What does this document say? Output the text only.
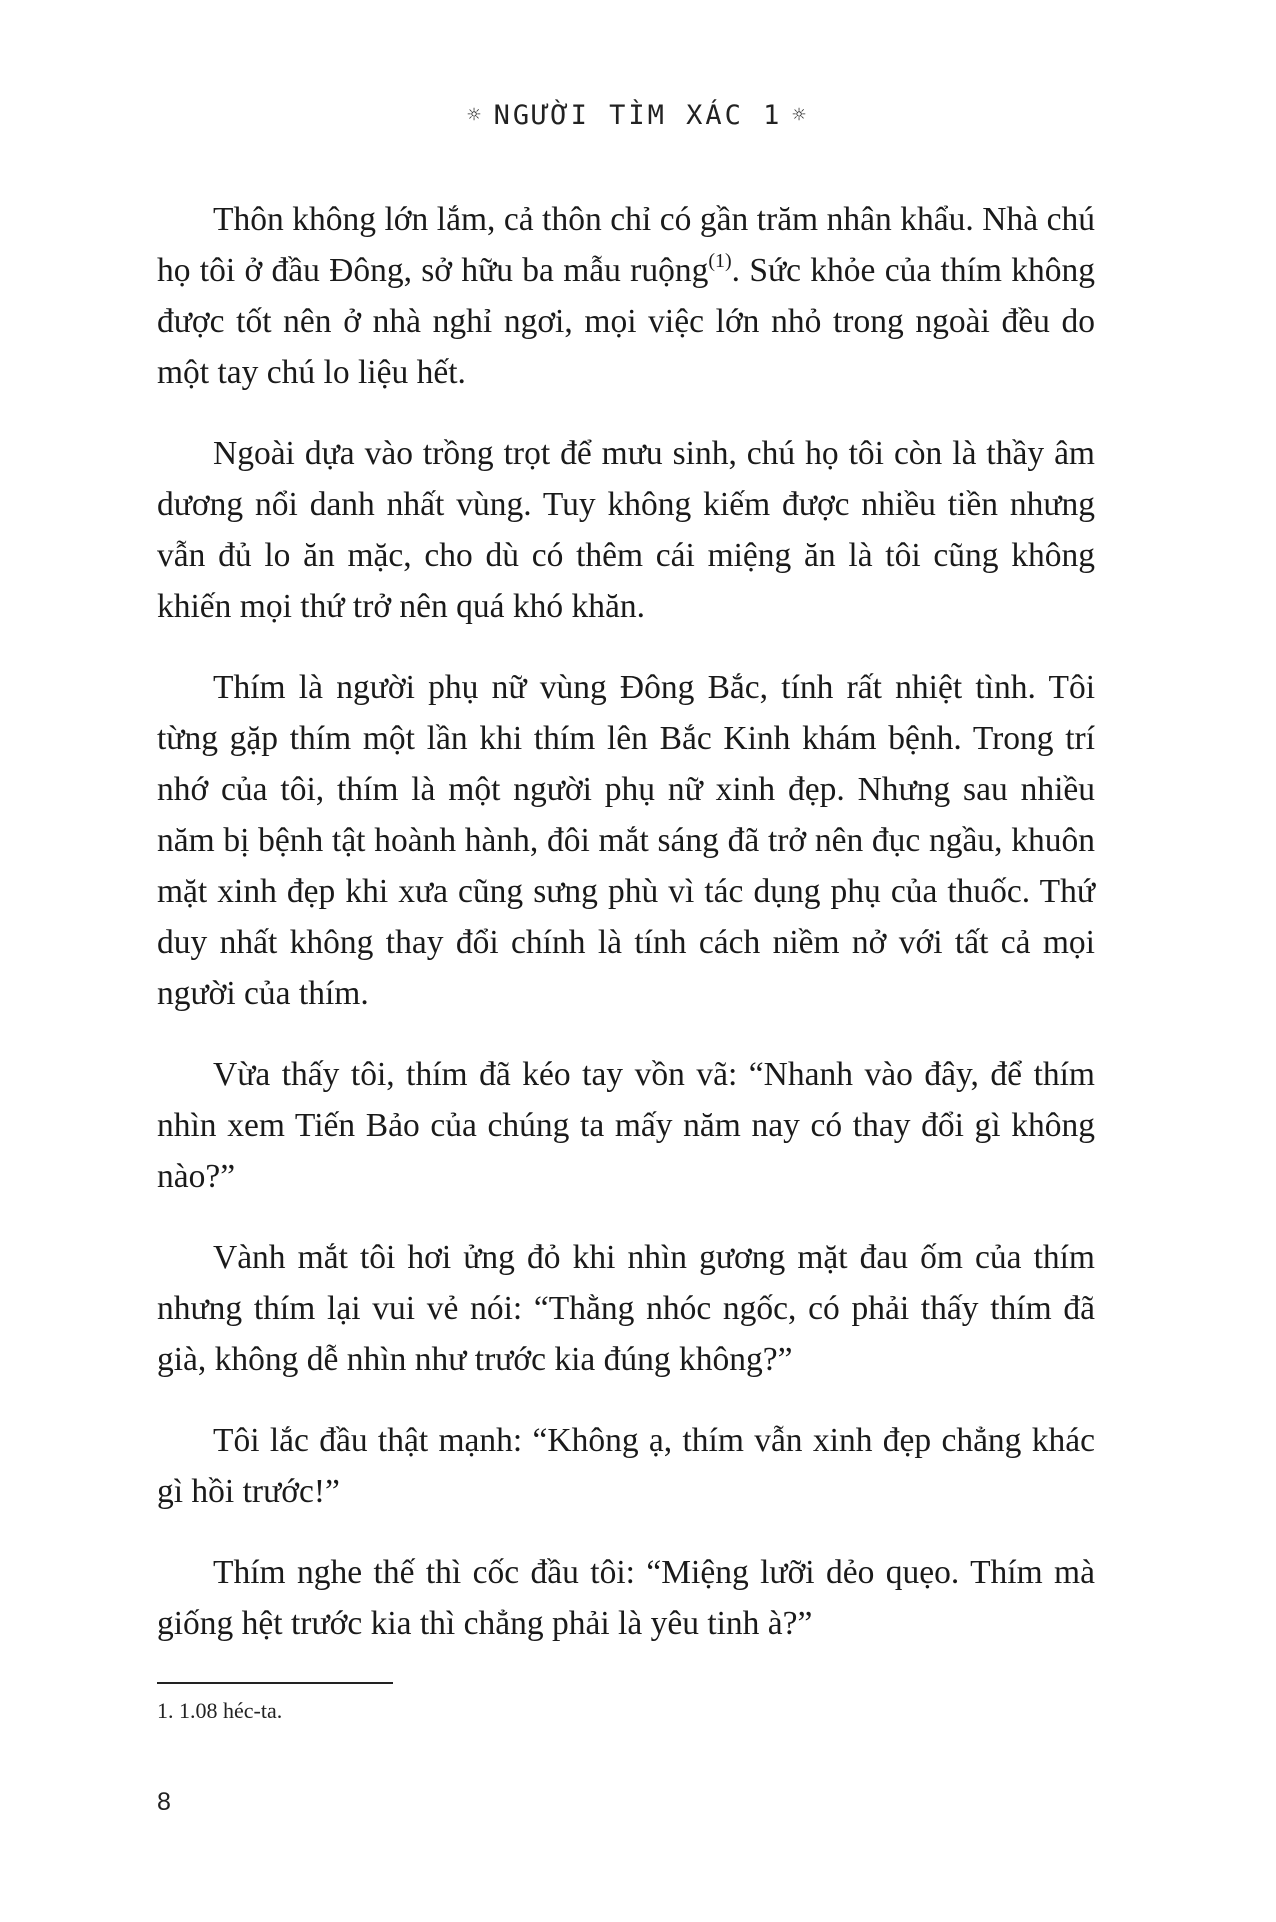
☼ NGƯỜI TÌM XÁC 1 ☼

Thôn không lớn lắm, cả thôn chỉ có gần trăm nhân khẩu. Nhà chú họ tôi ở đầu Đông, sở hữu ba mẫu ruộng$^{(1)}$. Sức khỏe của thím không được tốt nên ở nhà nghỉ ngơi, mọi việc lớn nhỏ trong ngoài đều do một tay chú lo liệu hết.

Ngoài dựa vào trồng trọt để mưu sinh, chú họ tôi còn là thầy âm dương nổi danh nhất vùng. Tuy không kiếm được nhiều tiền nhưng vẫn đủ lo ăn mặc, cho dù có thêm cái miệng ăn là tôi cũng không khiến mọi thứ trở nên quá khó khăn.

Thím là người phụ nữ vùng Đông Bắc, tính rất nhiệt tình. Tôi từng gặp thím một lần khi thím lên Bắc Kinh khám bệnh. Trong trí nhớ của tôi, thím là một người phụ nữ xinh đẹp. Nhưng sau nhiều năm bị bệnh tật hoành hành, đôi mắt sáng đã trở nên đục ngầu, khuôn mặt xinh đẹp khi xưa cũng sưng phù vì tác dụng phụ của thuốc. Thứ duy nhất không thay đổi chính là tính cách niềm nở với tất cả mọi người của thím.

Vừa thấy tôi, thím đã kéo tay vồn vã: “Nhanh vào đây, để thím nhìn xem Tiến Bảo của chúng ta mấy năm nay có thay đổi gì không nào?”

Vành mắt tôi hơi ửng đỏ khi nhìn gương mặt đau ốm của thím nhưng thím lại vui vẻ nói: “Thằng nhóc ngốc, có phải thấy thím đã già, không dễ nhìn như trước kia đúng không?”

Tôi lắc đầu thật mạnh: “Không ạ, thím vẫn xinh đẹp chẳng khác gì hồi trước!”

Thím nghe thế thì cốc đầu tôi: “Miệng lưỡi dẻo quẹo. Thím mà giống hệt trước kia thì chẳng phải là yêu tinh à?”

1. 1.08 héc-ta.
8
